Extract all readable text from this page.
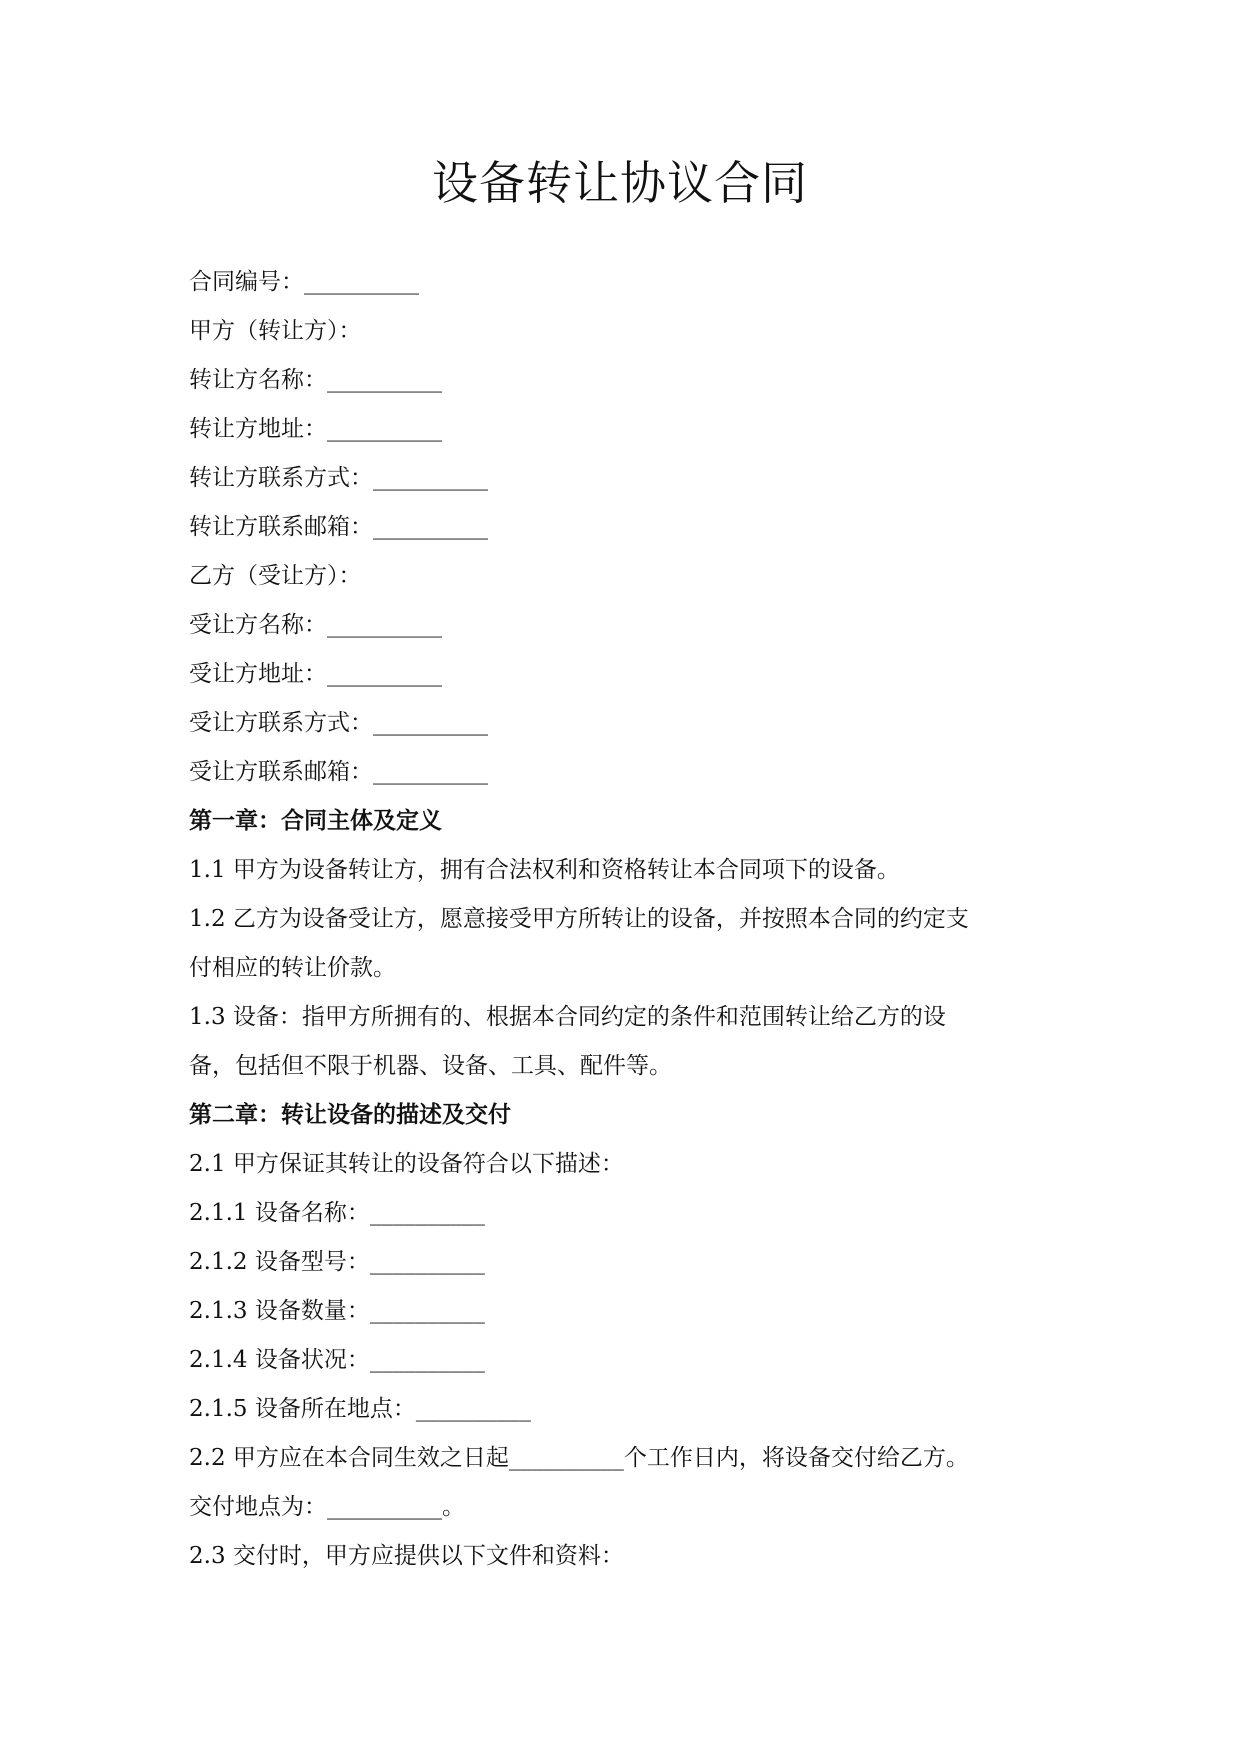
设备转让协议合同
合同编号：__________
甲方（转让方）：
转让方名称：__________
转让方地址：__________
转让方联系方式：__________
转让方联系邮箱：__________
乙方（受让方）：
受让方名称：__________
受让方地址：__________
受让方联系方式：__________
受让方联系邮箱：__________
第一章：合同主体及定义
1.1 甲方为设备转让方，拥有合法权利和资格转让本合同项下的设备。
1.2 乙方为设备受让方，愿意接受甲方所转让的设备，并按照本合同的约定支
付相应的转让价款。
1.3 设备：指甲方所拥有的、根据本合同约定的条件和范围转让给乙方的设
备，包括但不限于机器、设备、工具、配件等。
第二章：转让设备的描述及交付
2.1 甲方保证其转让的设备符合以下描述：
2.1.1 设备名称：__________
2.1.2 设备型号：__________
2.1.3 设备数量：__________
2.1.4 设备状况：__________
2.1.5 设备所在地点：__________
2.2 甲方应在本合同生效之日起__________个工作日内，将设备交付给乙方。
交付地点为：__________。
2.3 交付时，甲方应提供以下文件和资料：
